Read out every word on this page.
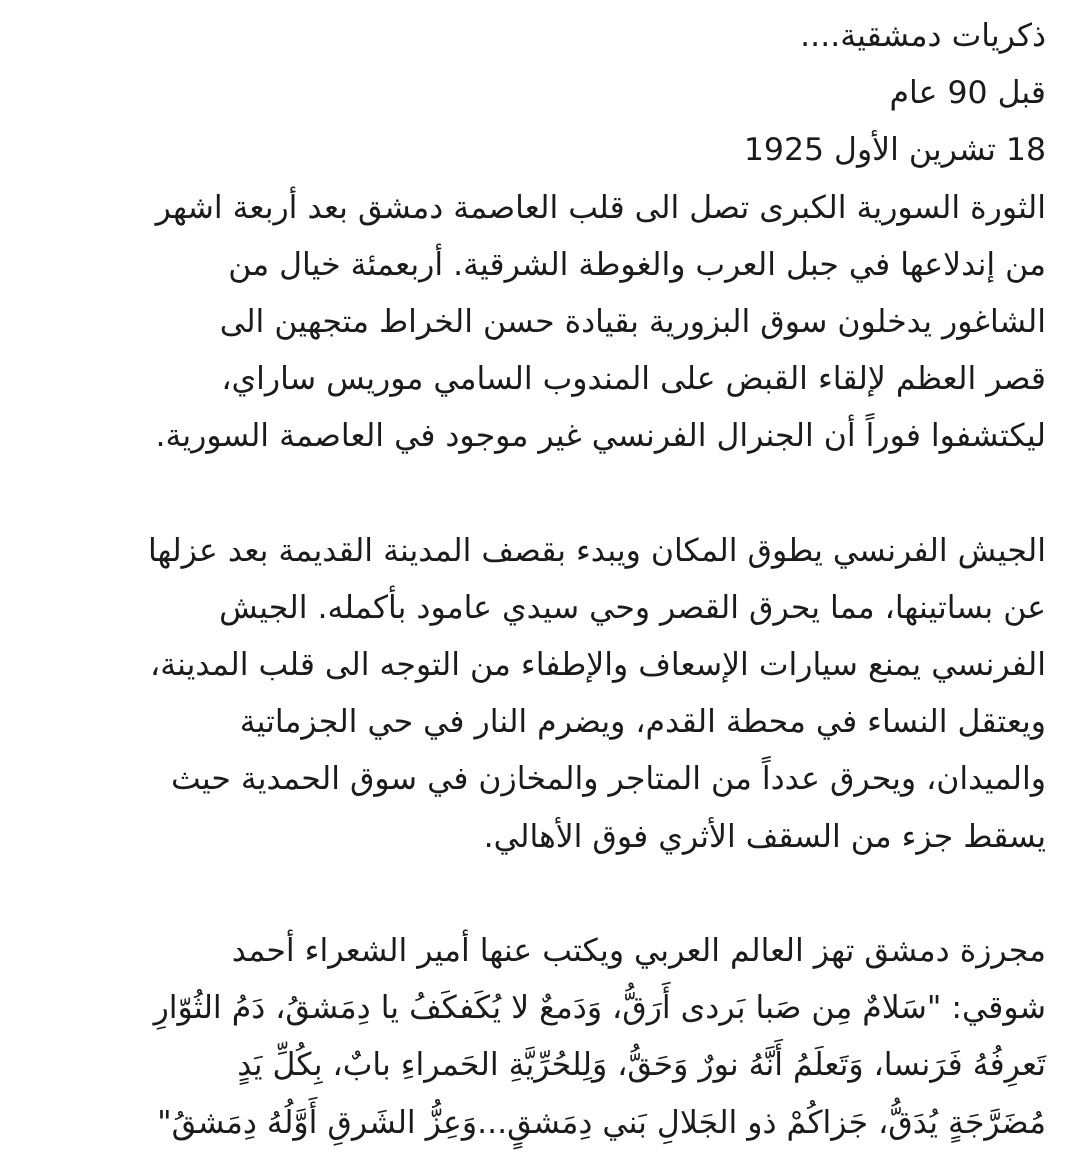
ذكريات دمشقية....
قبل 90 عام
18 تشرين الأول 1925
الثورة السورية الكبرى تصل الى قلب العاصمة دمشق بعد أربعة اشهر
من إندلاعها في جبل العرب والغوطة الشرقية. أربعمئة خيال من
الشاغور يدخلون سوق البزورية بقيادة حسن الخراط متجهين الى
قصر العظم لإلقاء القبض على المندوب السامي موريس ساراي،
ليكتشفوا فوراً أن الجنرال الفرنسي غير موجود في العاصمة السورية.
الجيش الفرنسي يطوق المكان ويبدء بقصف المدينة القديمة بعد عزلها
عن بساتينها، مما يحرق القصر وحي سيدي عامود بأكمله. الجيش
الفرنسي يمنع سيارات الإسعاف والإطفاء من التوجه الى قلب المدينة،
ويعتقل النساء في محطة القدم، ويضرم النار في حي الجزماتية
والميدان، ويحرق عدداً من المتاجر والمخازن في سوق الحمدية حيث
يسقط جزء من السقف الأثري فوق الأهالي.
مجرزة دمشق تهز العالم العربي ويكتب عنها أمير الشعراء أحمد
شوقي: "سَلامٌ مِن صَبا بَردى أَرَقُّ، وَدَمعٌ لا يُكَفكَفُ يا دِمَشقُ، دَمُ الثُوّارِ
تَعرِفُهُ فَرَنسا، وَتَعلَمُ أَنَّهُ نورٌ وَحَقُّ، وَلِلحُرِّيَّةِ الحَمراءِ بابٌ، بِكُلِّ يَدٍ
مُضَرَّجَةٍ يُدَقُّ، جَزاكُمْ ذو الجَلالِ بَني دِمَشقٍ...وَعِزُّ الشَرقِ أَوَّلُهُ دِمَشقُ"
